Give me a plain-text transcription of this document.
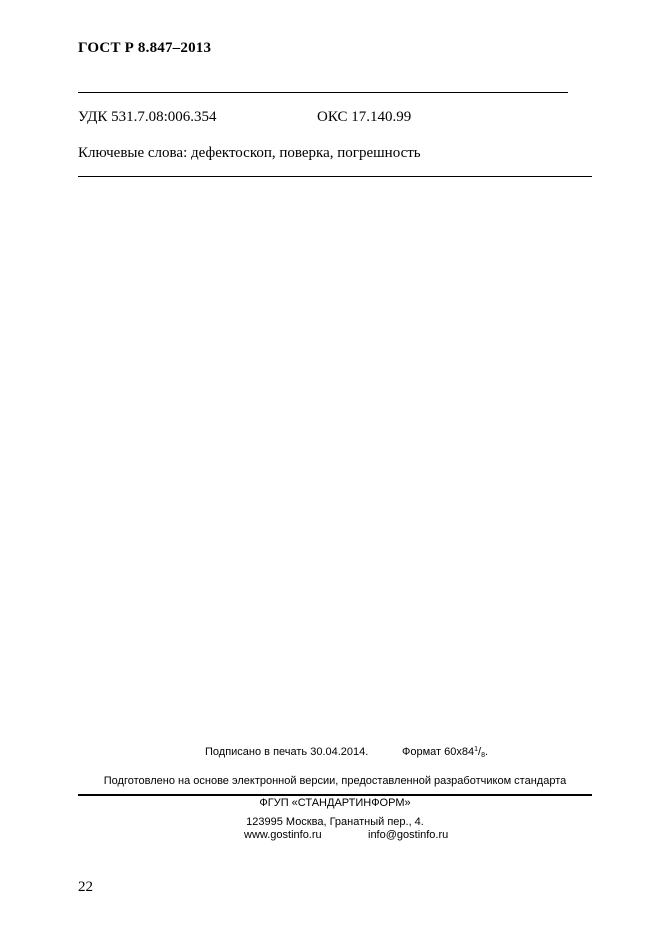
ГОСТ Р 8.847–2013
УДК 531.7.08:006.354	ОКС 17.140.99
Ключевые слова: дефектоскоп, поверка, погрешность
Подписано в печать 30.04.2014.	Формат $60x84^1/_8$.
Подготовлено на основе электронной версии, предоставленной разработчиком стандарта
ФГУП «СТАНДАРТИНФОРМ»
123995 Москва, Гранатный пер., 4.
www.gostinfo.ru	info@gostinfo.ru
22
